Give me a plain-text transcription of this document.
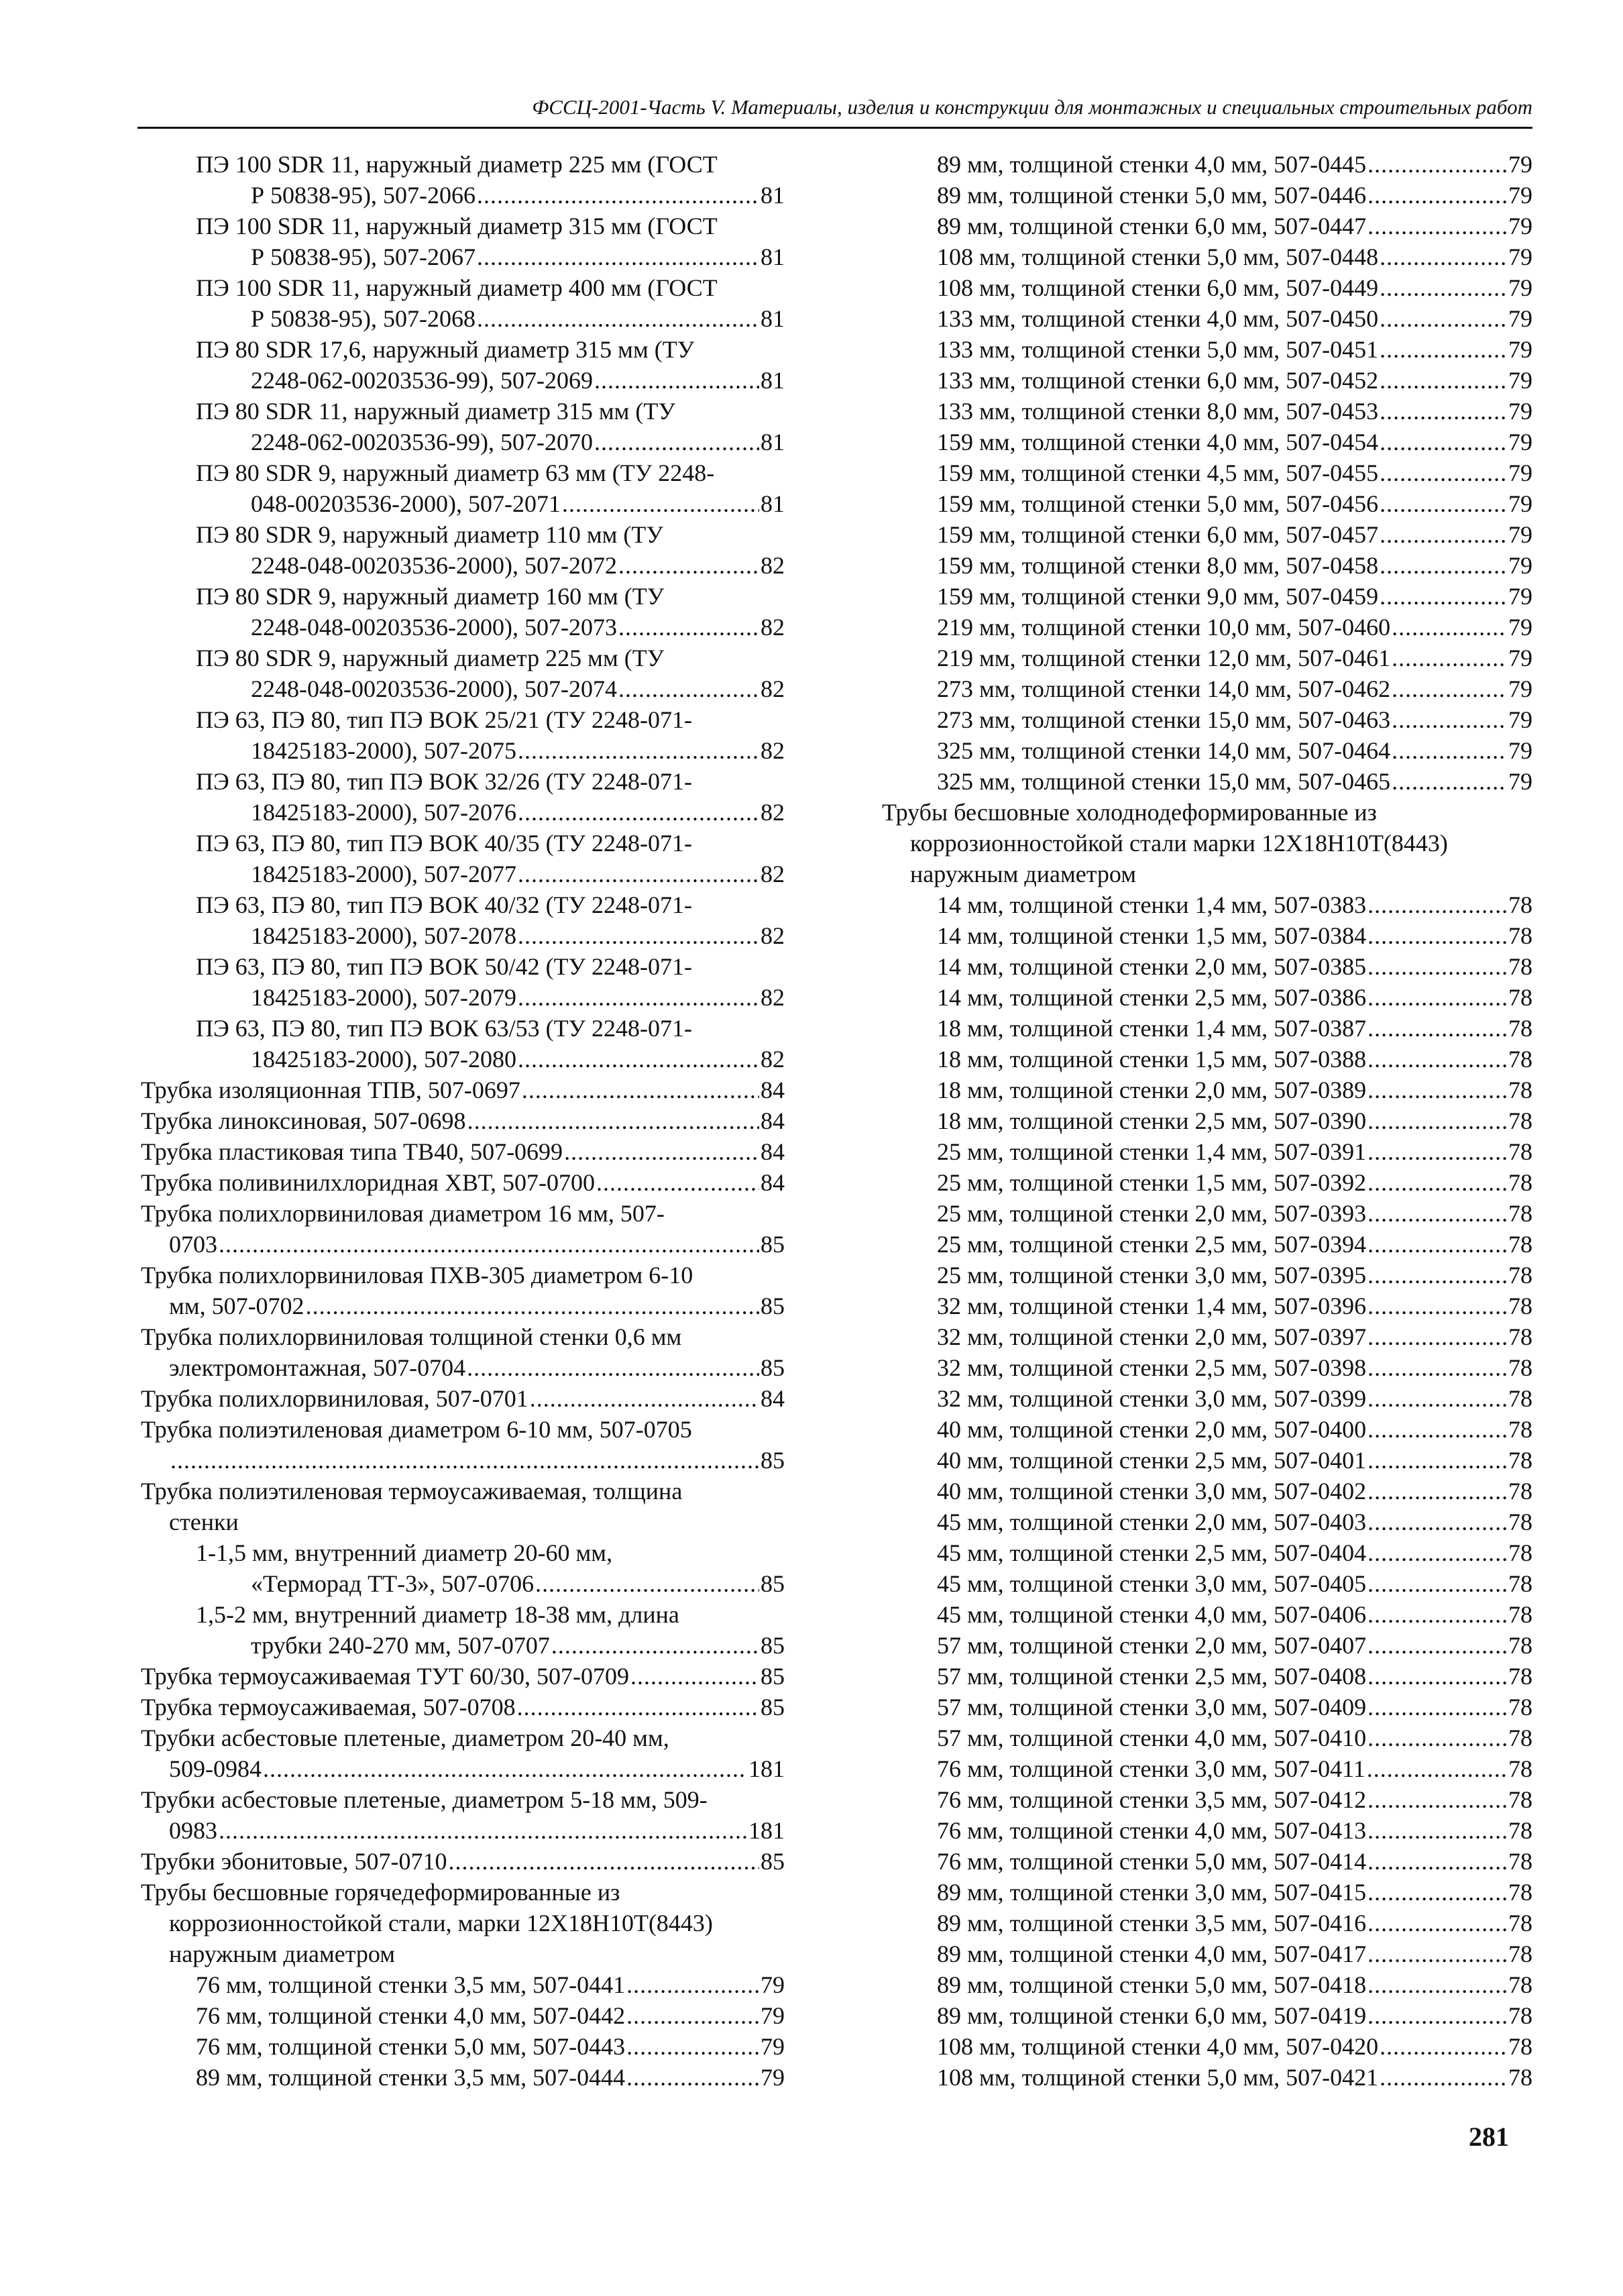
ФССЦ-2001-Часть V. Материалы, изделия и конструкции для монтажных и специальных строительных работ
ПЭ 100 SDR 11, наружный диаметр 225 мм (ГОСТ
Р 50838-95), 507-2066 .....	81
ПЭ 100 SDR 11, наружный диаметр 315 мм (ГОСТ
Р 50838-95), 507-2067 .....	81
ПЭ 100 SDR 11, наружный диаметр 400 мм (ГОСТ
Р 50838-95), 507-2068 .....	81
ПЭ 80 SDR 17,6, наружный диаметр 315 мм (ТУ
2248-062-00203536-99), 507-2069 .....	81
ПЭ 80 SDR 11, наружный диаметр 315 мм (ТУ
2248-062-00203536-99), 507-2070 .....	81
ПЭ 80 SDR 9, наружный диаметр 63 мм (ТУ 2248-
048-00203536-2000), 507-2071 .....	81
ПЭ 80 SDR 9, наружный диаметр 110 мм (ТУ
2248-048-00203536-2000), 507-2072 .....	82
ПЭ 80 SDR 9, наружный диаметр 160 мм (ТУ
2248-048-00203536-2000), 507-2073 .....	82
ПЭ 80 SDR 9, наружный диаметр 225 мм (ТУ
2248-048-00203536-2000), 507-2074 .....	82
ПЭ 63, ПЭ 80, тип ПЭ ВОК 25/21 (ТУ 2248-071-
18425183-2000), 507-2075 .....	82
ПЭ 63, ПЭ 80, тип ПЭ ВОК 32/26 (ТУ 2248-071-
18425183-2000), 507-2076 .....	82
ПЭ 63, ПЭ 80, тип ПЭ ВОК 40/35 (ТУ 2248-071-
18425183-2000), 507-2077 .....	82
ПЭ 63, ПЭ 80, тип ПЭ ВОК 40/32 (ТУ 2248-071-
18425183-2000), 507-2078 .....	82
ПЭ 63, ПЭ 80, тип ПЭ ВОК 50/42 (ТУ 2248-071-
18425183-2000), 507-2079 .....	82
ПЭ 63, ПЭ 80, тип ПЭ ВОК 63/53 (ТУ 2248-071-
18425183-2000), 507-2080 .....	82
Трубка изоляционная ТПВ, 507-0697 .....	84
Трубка линоксиновая, 507-0698 .....	84
Трубка пластиковая типа ТВ40, 507-0699 .....	84
Трубка поливинилхлоридная ХВТ, 507-0700 .....	84
Трубка полихлорвиниловая диаметром 16 мм, 507-
0703 .....	85
Трубка полихлорвиниловая ПХВ-305 диаметром 6-10
мм, 507-0702 .....	85
Трубка полихлорвиниловая толщиной стенки 0,6 мм
электромонтажная, 507-0704 .....	85
Трубка полихлорвиниловая, 507-0701 .....	84
Трубка полиэтиленовая диаметром 6-10 мм, 507-0705
.....
85
Трубка полиэтиленовая термоусаживаемая, толщина
стенки
1-1,5 мм, внутренний диаметр 20-60 мм,
«Терморад ТТ-3», 507-0706 .....	85
1,5-2 мм, внутренний диаметр 18-38 мм, длина
трубки 240-270 мм, 507-0707 .....	85
Трубка термоусаживаемая ТУТ 60/30, 507-0709 .....	85
Трубка термоусаживаемая, 507-0708 .....	85
Трубки асбестовые плетеные, диаметром 20-40 мм,
509-0984 .....	181
Трубки асбестовые плетеные, диаметром 5-18 мм, 509-
0983 .....	181
Трубки эбонитовые, 507-0710 .....	85
Трубы бесшовные горячедеформированные из
коррозионностойкой стали, марки 12Х18Н10Т(8443)
наружным диаметром
76 мм, толщиной стенки 3,5 мм, 507-0441 .....	79
76 мм, толщиной стенки 4,0 мм, 507-0442 .....	79
76 мм, толщиной стенки 5,0 мм, 507-0443 .....	79
89 мм, толщиной стенки 3,5 мм, 507-0444 .....	79
89 мм, толщиной стенки 4,0 мм, 507-0445 .....	79
89 мм, толщиной стенки 5,0 мм, 507-0446 .....	79
89 мм, толщиной стенки 6,0 мм, 507-0447 .....	79
108 мм, толщиной стенки 5,0 мм, 507-0448 .....	79
108 мм, толщиной стенки 6,0 мм, 507-0449 .....	79
133 мм, толщиной стенки 4,0 мм, 507-0450 .....	79
133 мм, толщиной стенки 5,0 мм, 507-0451 .....	79
133 мм, толщиной стенки 6,0 мм, 507-0452 .....	79
133 мм, толщиной стенки 8,0 мм, 507-0453 .....	79
159 мм, толщиной стенки 4,0 мм, 507-0454 .....	79
159 мм, толщиной стенки 4,5 мм, 507-0455 .....	79
159 мм, толщиной стенки 5,0 мм, 507-0456 .....	79
159 мм, толщиной стенки 6,0 мм, 507-0457 .....	79
159 мм, толщиной стенки 8,0 мм, 507-0458 .....	79
159 мм, толщиной стенки 9,0 мм, 507-0459 .....	79
219 мм, толщиной стенки 10,0 мм, 507-0460 .....	79
219 мм, толщиной стенки 12,0 мм, 507-0461 .....	79
273 мм, толщиной стенки 14,0 мм, 507-0462 .....	79
273 мм, толщиной стенки 15,0 мм, 507-0463 .....	79
325 мм, толщиной стенки 14,0 мм, 507-0464 .....	79
325 мм, толщиной стенки 15,0 мм, 507-0465 .....	79
Трубы бесшовные холоднодеформированные из
коррозионностойкой стали марки 12Х18Н10Т(8443)
наружным диаметром
14 мм, толщиной стенки 1,4 мм, 507-0383 .....	78
14 мм, толщиной стенки 1,5 мм, 507-0384 .....	78
14 мм, толщиной стенки 2,0 мм, 507-0385 .....	78
14 мм, толщиной стенки 2,5 мм, 507-0386 .....	78
18 мм, толщиной стенки 1,4 мм, 507-0387 .....	78
18 мм, толщиной стенки 1,5 мм, 507-0388 .....	78
18 мм, толщиной стенки 2,0 мм, 507-0389 .....	78
18 мм, толщиной стенки 2,5 мм, 507-0390 .....	78
25 мм, толщиной стенки 1,4 мм, 507-0391 .....	78
25 мм, толщиной стенки 1,5 мм, 507-0392 .....	78
25 мм, толщиной стенки 2,0 мм, 507-0393 .....	78
25 мм, толщиной стенки 2,5 мм, 507-0394 .....	78
25 мм, толщиной стенки 3,0 мм, 507-0395 .....	78
32 мм, толщиной стенки 1,4 мм, 507-0396 .....	78
32 мм, толщиной стенки 2,0 мм, 507-0397 .....	78
32 мм, толщиной стенки 2,5 мм, 507-0398 .....	78
32 мм, толщиной стенки 3,0 мм, 507-0399 .....	78
40 мм, толщиной стенки 2,0 мм, 507-0400 .....	78
40 мм, толщиной стенки 2,5 мм, 507-0401 .....	78
40 мм, толщиной стенки 3,0 мм, 507-0402 .....	78
45 мм, толщиной стенки 2,0 мм, 507-0403 .....	78
45 мм, толщиной стенки 2,5 мм, 507-0404 .....	78
45 мм, толщиной стенки 3,0 мм, 507-0405 .....	78
45 мм, толщиной стенки 4,0 мм, 507-0406 .....	78
57 мм, толщиной стенки 2,0 мм, 507-0407 .....	78
57 мм, толщиной стенки 2,5 мм, 507-0408 .....	78
57 мм, толщиной стенки 3,0 мм, 507-0409 .....	78
57 мм, толщиной стенки 4,0 мм, 507-0410 .....	78
76 мм, толщиной стенки 3,0 мм, 507-0411 .....	78
76 мм, толщиной стенки 3,5 мм, 507-0412 .....	78
76 мм, толщиной стенки 4,0 мм, 507-0413 .....	78
76 мм, толщиной стенки 5,0 мм, 507-0414 .....	78
89 мм, толщиной стенки 3,0 мм, 507-0415 .....	78
89 мм, толщиной стенки 3,5 мм, 507-0416 .....	78
89 мм, толщиной стенки 4,0 мм, 507-0417 .....	78
89 мм, толщиной стенки 5,0 мм, 507-0418 .....	78
89 мм, толщиной стенки 6,0 мм, 507-0419 .....	78
108 мм, толщиной стенки 4,0 мм, 507-0420 .....	78
108 мм, толщиной стенки 5,0 мм, 507-0421 .....	78
281
